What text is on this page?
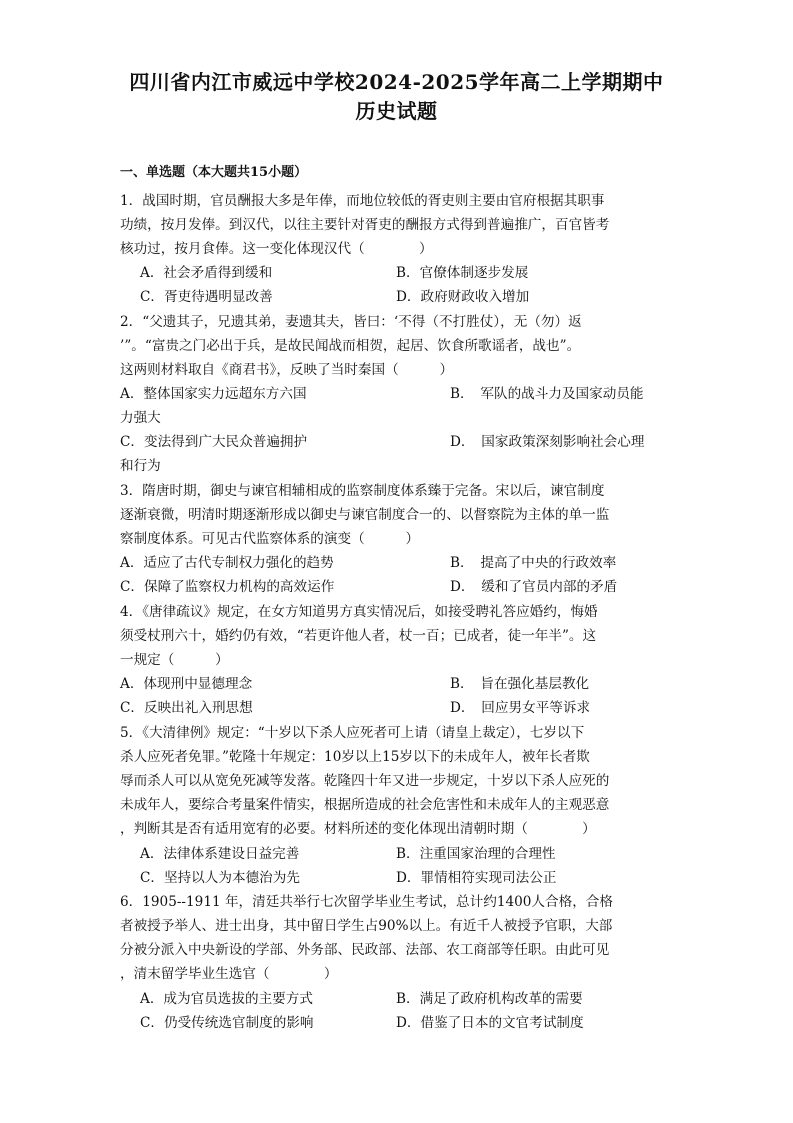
四川省内江市威远中学校2024-2025学年高二上学期期中
历史试题
一、单选题（本大题共15小题）
1．战国时期，官员酬报大多是年俸，而地位较低的胥吏则主要由官府根据其职事
功绩，按月发俸。到汉代，以往主要针对胥吏的酬报方式得到普遍推广，百官皆考
核功过，按月食俸。这一变化体现汉代（　　　　）
A．社会矛盾得到缓和	B．官僚体制逐步发展
C．胥吏待遇明显改善	D．政府财政收入增加
2．“父遗其子，兄遗其弟，妻遗其夫，皆曰：‘不得（不打胜仗），无（勿）返
’”。“富贵之门必出于兵，是故民闻战而相贺，起居、饮食所歌谣者，战也”。
这两则材料取自《商君书》，反映了当时秦国（　　　）
A．整体国家实力远超东方六国	B．　军队的战斗力及国家动员能
力强大
C．变法得到广大民众普遍拥护	D．　国家政策深刻影响社会心理
和行为
3．隋唐时期，御史与谏官相辅相成的监察制度体系臻于完备。宋以后，谏官制度
逐渐衰微，明清时期逐渐形成以御史与谏官制度合一的、以督察院为主体的单一监
察制度体系。可见古代监察体系的演变（　　　）
A．适应了古代专制权力强化的趋势	B．　提高了中央的行政效率
C．保障了监察权力机构的高效运作	D．　缓和了官员内部的矛盾
4．《唐律疏议》规定，在女方知道男方真实情况后，如接受聘礼答应婚约，悔婚
须受杖刑六十，婚约仍有效，“若更许他人者，杖一百；已成者，徒一年半”。这
一规定（　　　）
A．体现刑中显德理念	B．　旨在强化基层教化
C．反映出礼入刑思想	D．　回应男女平等诉求
5．《大清律例》规定：“十岁以下杀人应死者可上请（请皇上裁定），七岁以下
杀人应死者免罪。”乾隆十年规定：10岁以上15岁以下的未成年人，被年长者欺
辱而杀人可以从宽免死减等发落。乾隆四十年又进一步规定，十岁以下杀人应死的
未成年人，要综合考量案件情实，根据所造成的社会危害性和未成年人的主观恶意
，判断其是否有适用宽宥的必要。材料所述的变化体现出清朝时期（　　　　）
A．法律体系建设日益完善	B．注重国家治理的合理性
C．坚持以人为本德治为先	D．罪情相符实现司法公正
6．1905--1911 年，清廷共举行七次留学毕业生考试，总计约1400人合格，合格
者被授予举人、进士出身，其中留日学生占90%以上。有近千人被授予官职，大部
分被分派入中央新设的学部、外务部、民政部、法部、农工商部等任职。由此可见
，清末留学毕业生选官（　　　　）
A．成为官员选拔的主要方式	B．满足了政府机构改革的需要
C．仍受传统选官制度的影响	D．借鉴了日本的文官考试制度
